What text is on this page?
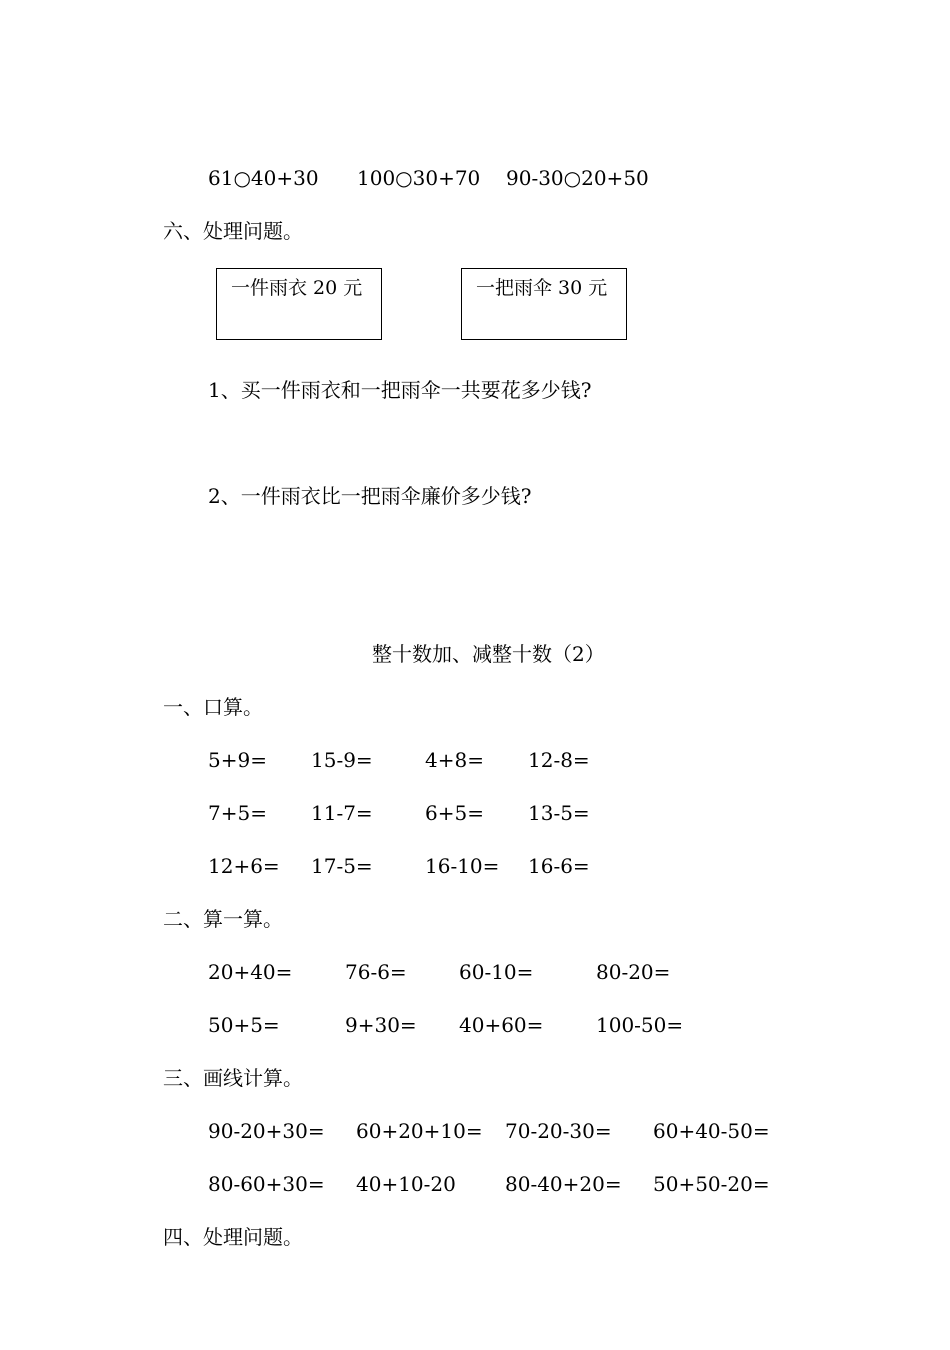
61○40+30 100○30+70 90-30○20+50
六、处理问题。
一件雨衣 20 元	一把雨伞 30 元
1、买一件雨衣和一把雨伞一共要花多少钱?
2、一件雨衣比一把雨伞廉价多少钱?
整十数加、减整十数（2）
一、口算。
5+9= 15-9=	4+8= 12-8=
7+5= 11-7=	6+5= 13-5=
12+6= 17-5=	16-10= 16-6=
二、算一算。
20+40=	76-6=	60-10=	80-20=
50+5=	9+30= 40+60=	100-50=
三、画线计算。
90-20+30= 60+20+10= 70-20-30= 60+40-50=
80-60+30= 40+10-20 80-40+20= 50+50-20=
四、处理问题。
